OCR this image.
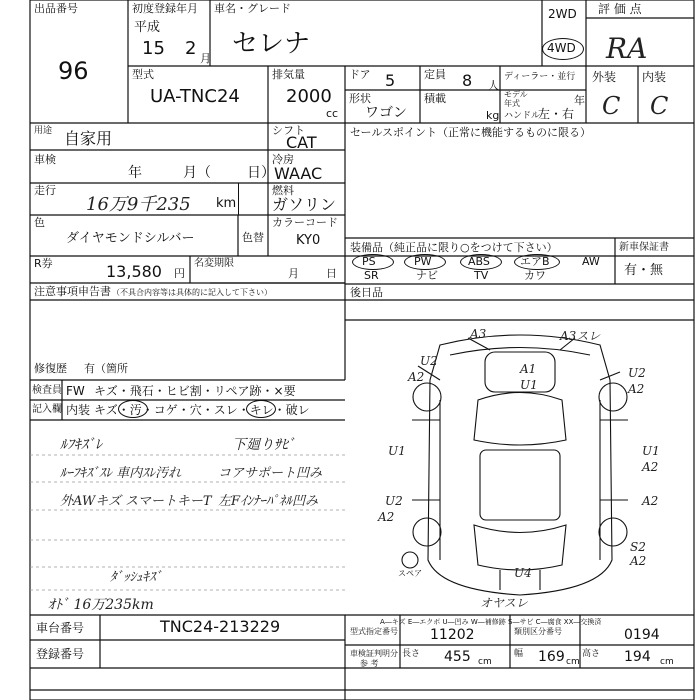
出品番号
96
初度登録年月
平成
15 2 月
車名・グレード
セレナ
2WD
4WD
評 価 点
RA
外装 内装
C C
型式
UA-TNC24
排気量
2000
cc
ドア 5	定員 8 人
ディーラー・並行
モデル年式	年
形状
ワゴン
積載
kg ハンドル
左・右
用途 自家用	シフト
CAT
セールスポイント（正常に機能するものに限る）
車検
年	月（	日）
冷房
WAAC
走行
16万9千235 km
燃料
ガソリン
色
ダイヤモンドシルバー	色替
カラーコード
KY0	装備品（純正品に限り○をつけて下さい）	新車保証書
有・無
PS	PW	ABS	エアB	AW
SR	ナビ	TV	カワ
R券	13,580 円
名変期限
月 日
後日品
注意事項申告書 （不具合内容等は具体的に記入して下さい）
修復歴 有（箇所
検査員
記入欄
FW キズ・飛石・ヒビ割・リペア跡・×要
内装 キズ・汚・コゲ・穴・スレ・キレ・破レ
ﾙﾌｷｽﾞﾚ	下廻りｻﾋﾞ
ﾙｰﾌｷｽﾞｽﾚ 車内ｽﾚ汚れ	コアサポート凹み
外AWキズ スマートキーT 左Fｲﾝﾅｰﾊﾟﾈﾙ凹み
ﾀﾞｯｼｭｷｽﾞ
ｵﾄﾞ 16万235km
A3	A3スレ
U2
A2
A1
U1
U2
A2
U1	U1
A2
U2
A2
A2
S2
A2
U4
スペア
オヤスレ
A―キズ E―エクボ U―凹み W―補修跡 S―サビ C―腐食 XX―交換済
車台番号	TNC24-213229
登録番号
型式指定番号 11202	類別区分番号	0194
車検証判明分
参 考
長さ 455 cm
幅 169 cm
高さ 194 cm
